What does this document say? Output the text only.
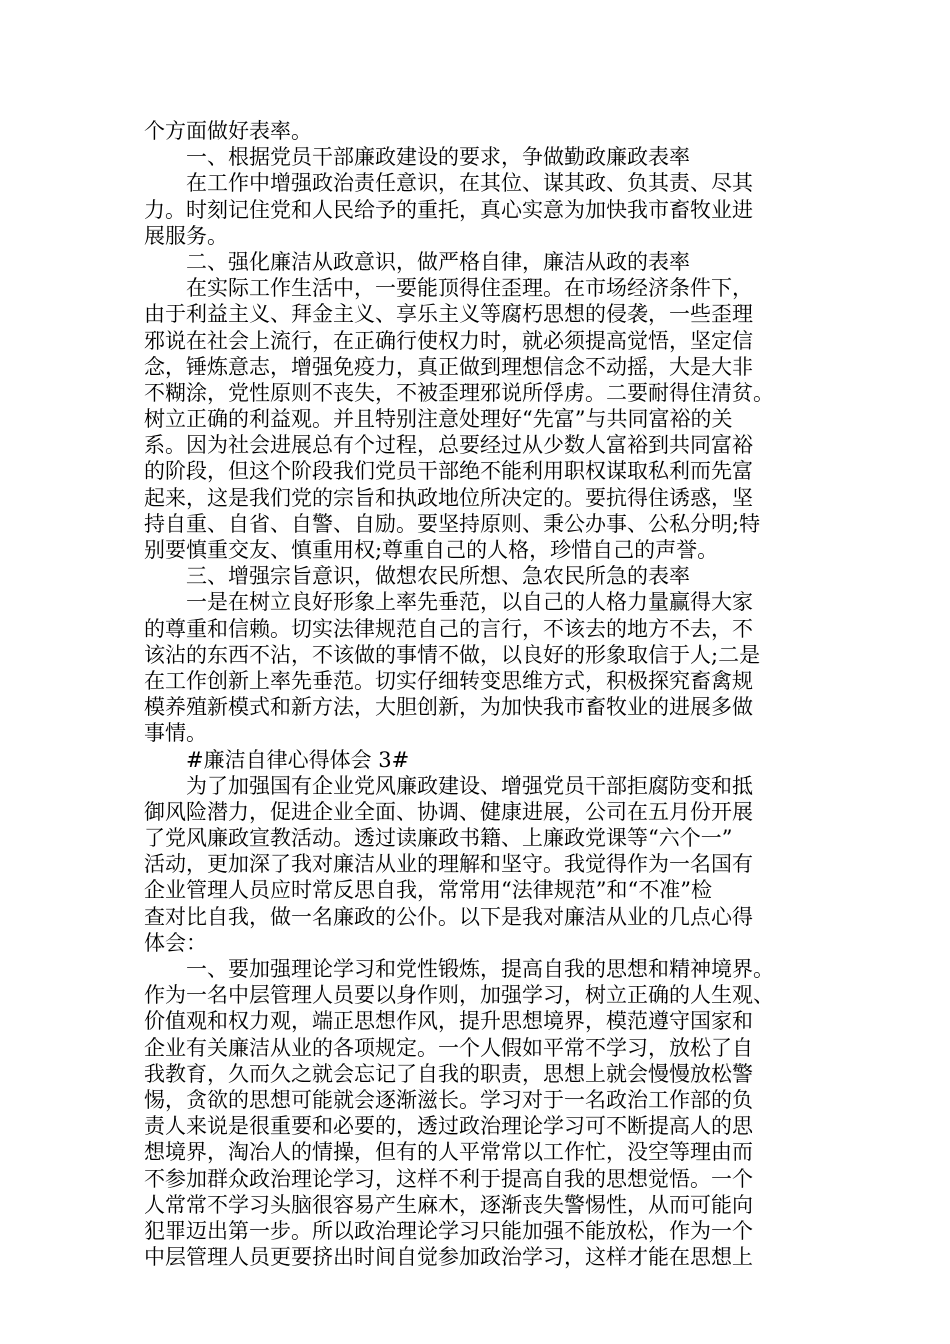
个方面做好表率。
一、根据党员干部廉政建设的要求，争做勤政廉政表率
在工作中增强政治责任意识，在其位、谋其政、负其责、尽其
力。时刻记住党和人民给予的重托，真心实意为加快我市畜牧业进
展服务。
二、强化廉洁从政意识，做严格自律，廉洁从政的表率
在实际工作生活中，一要能顶得住歪理。在市场经济条件下，
由于利益主义、拜金主义、享乐主义等腐朽思想的侵袭，一些歪理
邪说在社会上流行，在正确行使权力时，就必须提高觉悟，坚定信
念，锤炼意志，增强免疫力，真正做到理想信念不动摇，大是大非
不糊涂，党性原则不丧失，不被歪理邪说所俘虏。二要耐得住清贫。
树立正确的利益观。并且特别注意处理好“先富”与共同富裕的关
系。因为社会进展总有个过程，总要经过从少数人富裕到共同富裕
的阶段，但这个阶段我们党员干部绝不能利用职权谋取私利而先富
起来，这是我们党的宗旨和执政地位所决定的。要抗得住诱惑，坚
持自重、自省、自警、自励。要坚持原则、秉公办事、公私分明;特
别要慎重交友、慎重用权;尊重自己的人格，珍惜自己的声誉。
三、增强宗旨意识，做想农民所想、急农民所急的表率
一是在树立良好形象上率先垂范，以自己的人格力量赢得大家
的尊重和信赖。切实法律规范自己的言行，不该去的地方不去，不
该沾的东西不沾，不该做的事情不做，以良好的形象取信于人;二是
在工作创新上率先垂范。切实仔细转变思维方式，积极探究畜禽规
模养殖新模式和新方法，大胆创新，为加快我市畜牧业的进展多做
事情。
#廉洁自律心得体会 3#
为了加强国有企业党风廉政建设、增强党员干部拒腐防变和抵
御风险潜力，促进企业全面、协调、健康进展，公司在五月份开展
了党风廉政宣教活动。透过读廉政书籍、上廉政党课等“六个一”
活动，更加深了我对廉洁从业的理解和坚守。我觉得作为一名国有
企业管理人员应时常反思自我，常常用“法律规范”和“不准”检
查对比自我，做一名廉政的公仆。以下是我对廉洁从业的几点心得
体会：
一、要加强理论学习和党性锻炼，提高自我的思想和精神境界。
作为一名中层管理人员要以身作则，加强学习，树立正确的人生观、
价值观和权力观，端正思想作风，提升思想境界，模范遵守国家和
企业有关廉洁从业的各项规定。一个人假如平常不学习，放松了自
我教育，久而久之就会忘记了自我的职责，思想上就会慢慢放松警
惕，贪欲的思想可能就会逐渐滋长。学习对于一名政治工作部的负
责人来说是很重要和必要的，透过政治理论学习可不断提高人的思
想境界，淘冶人的情操，但有的人平常常以工作忙，没空等理由而
不参加群众政治理论学习，这样不利于提高自我的思想觉悟。一个
人常常不学习头脑很容易产生麻木，逐渐丧失警惕性，从而可能向
犯罪迈出第一步。所以政治理论学习只能加强不能放松，作为一个
中层管理人员更要挤出时间自觉参加政治学习，这样才能在思想上
